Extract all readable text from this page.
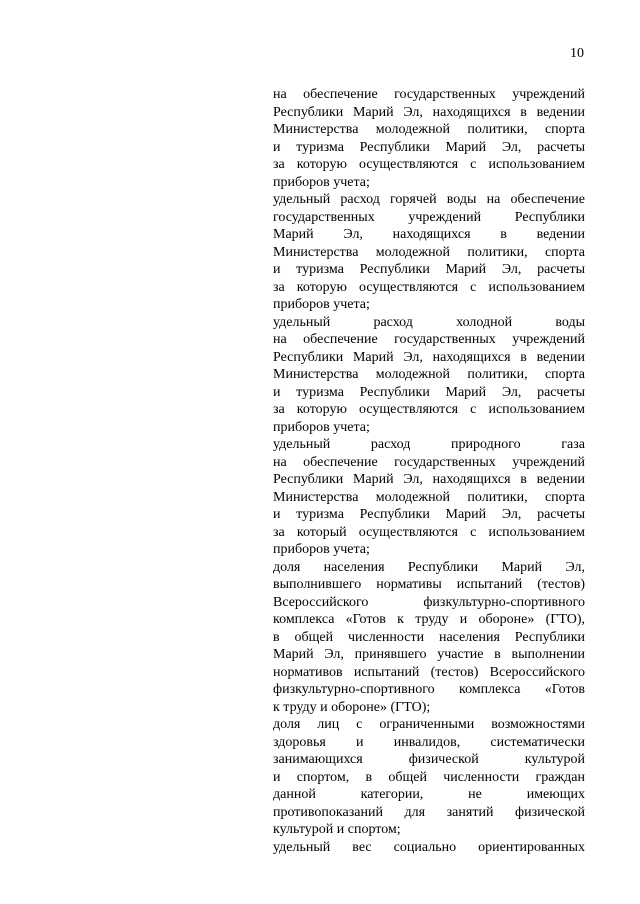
10

на обеспечение государственных учреждений
Республики Марий Эл, находящихся в ведении
Министерства молодежной политики, спорта
и туризма Республики Марий Эл, расчеты
за которую осуществляются с использованием
приборов учета;

удельный расход горячей воды на обеспечение
государственных учреждений Республики
Марий Эл, находящихся в ведении
Министерства молодежной политики, спорта
и туризма Республики Марий Эл, расчеты
за которую осуществляются с использованием
приборов учета;

удельный расход холодной воды
на обеспечение государственных учреждений
Республики Марий Эл, находящихся в ведении
Министерства молодежной политики, спорта
и туризма Республики Марий Эл, расчеты
за которую осуществляются с использованием
приборов учета;

удельный расход природного газа
на обеспечение государственных учреждений
Республики Марий Эл, находящихся в ведении
Министерства молодежной политики, спорта
и туризма Республики Марий Эл, расчеты
за который осуществляются с использованием
приборов учета;

доля населения Республики Марий Эл,
выполнившего нормативы испытаний (тестов)
Всероссийского физкультурно-спортивного
комплекса «Готов к труду и обороне» (ГТО),
в общей численности населения Республики
Марий Эл, принявшего участие в выполнении
нормативов испытаний (тестов) Всероссийского
физкультурно-спортивного комплекса «Готов
к труду и обороне» (ГТО);

доля лиц с ограниченными возможностями
здоровья и инвалидов, систематически
занимающихся физической культурой
и спортом, в общей численности граждан
данной категории, не имеющих
противопоказаний для занятий физической
культурой и спортом;

удельный вес социально ориентированных
